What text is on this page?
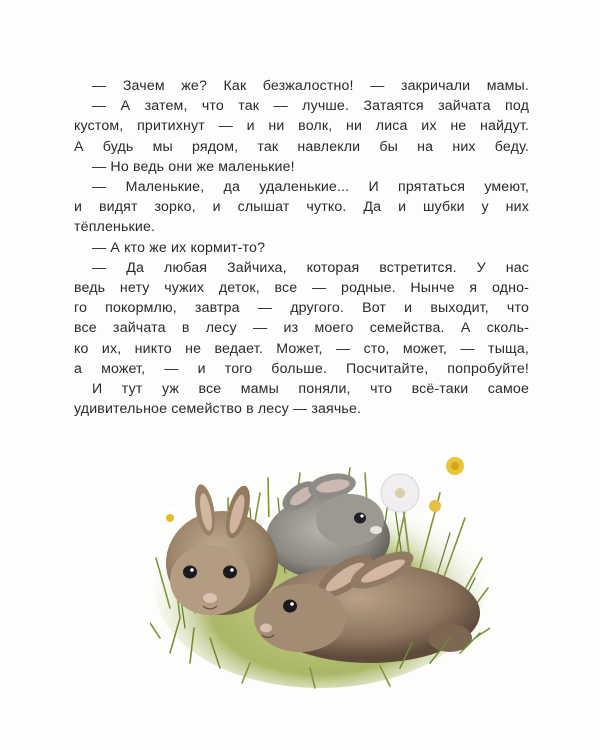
— Зачем же? Как безжалостно! — закричали мамы.
— А затем, что так — лучше. Затаятся зайчата под
кустом, притихнут — и ни волк, ни лиса их не найдут.
А будь мы рядом, так навлекли бы на них беду.
— Но ведь они же маленькие!
— Маленькие, да удаленькие... И прятаться умеют,
и видят зорко, и слышат чутко. Да и шубки у них
тёпленькие.
— А кто же их кормит-то?
— Да любая Зайчиха, которая встретится. У нас
ведь нету чужих деток, все — родные. Нынче я одно-
го покормлю, завтра — другого. Вот и выходит, что
все зайчата в лесу — из моего семейства. А сколь-
ко их, никто не ведает. Может, — сто, может, — тыща,
а может, — и того больше. Посчитайте, попробуйте!
И тут уж все мамы поняли, что всё-таки самое
удивительное семейство в лесу — заячье.
